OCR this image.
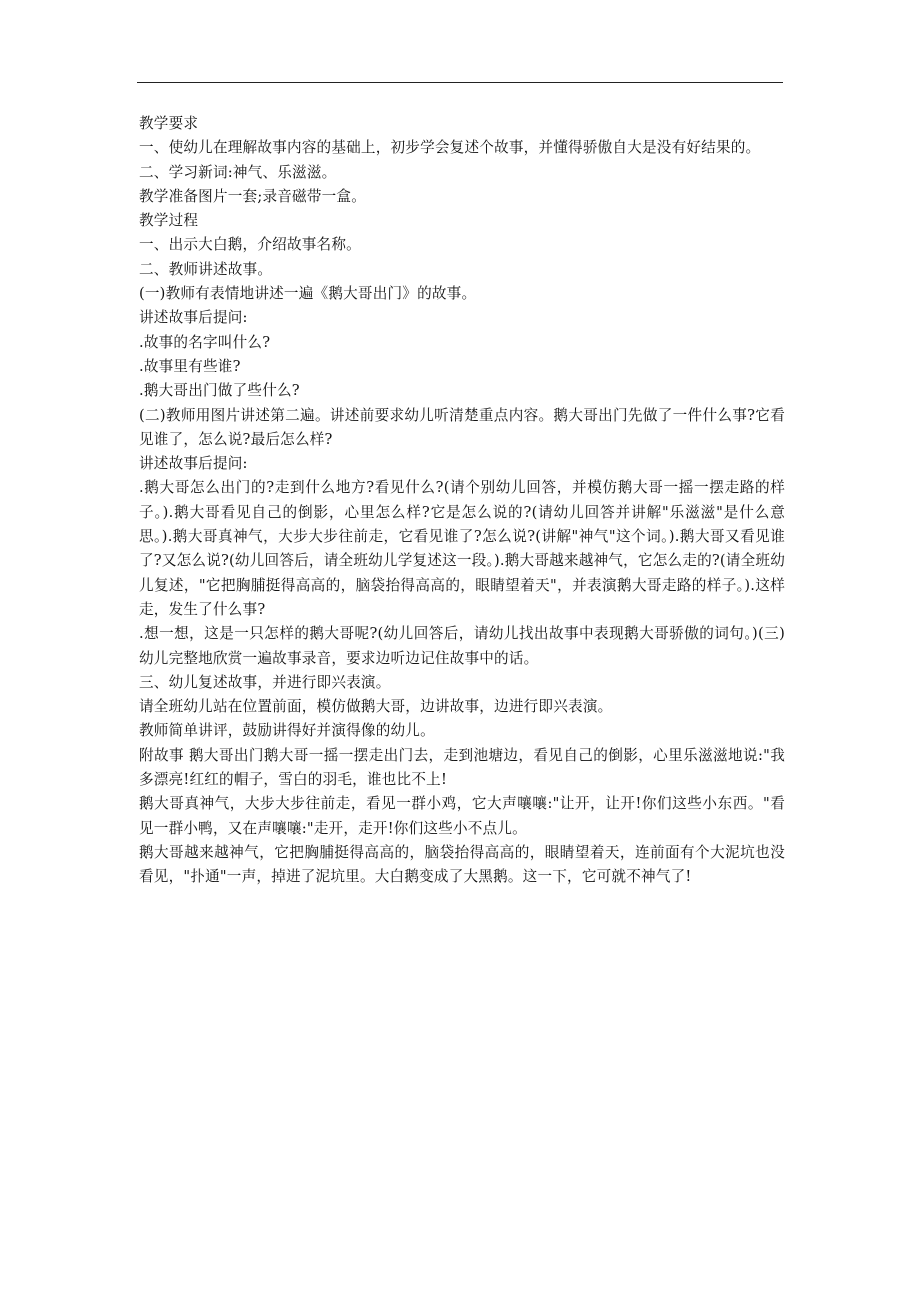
教学要求

一、使幼儿在理解故事内容的基础上，初步学会复述个故事，并懂得骄傲自大是没有好结果的。

二、学习新词:神气、乐滋滋。

教学准备图片一套;录音磁带一盒。

教学过程

一、出示大白鹅，介绍故事名称。

二、教师讲述故事。

(一)教师有表情地讲述一遍《鹅大哥出门》的故事。

讲述故事后提问:

.故事的名字叫什么?

.故事里有些谁?

.鹅大哥出门做了些什么?

(二)教师用图片讲述第二遍。讲述前要求幼儿听清楚重点内容。鹅大哥出门先做了一件什么事?它看见谁了，怎么说?最后怎么样?

讲述故事后提问:

.鹅大哥怎么出门的?走到什么地方?看见什么?(请个别幼儿回答，并模仿鹅大哥一摇一摆走路的样子。).鹅大哥看见自己的倒影，心里怎么样?它是怎么说的?(请幼儿回答并讲解"乐滋滋"是什么意思。).鹅大哥真神气，大步大步往前走，它看见谁了?怎么说?(讲解"神气"这个词。).鹅大哥又看见谁了?又怎么说?(幼儿回答后，请全班幼儿学复述这一段。).鹅大哥越来越神气，它怎么走的?(请全班幼儿复述，"它把胸脯挺得高高的，脑袋抬得高高的，眼睛望着天"，并表演鹅大哥走路的样子。).这样走，发生了什么事?

.想一想，这是一只怎样的鹅大哥呢?(幼儿回答后，请幼儿找出故事中表现鹅大哥骄傲的词句。)(三)幼儿完整地欣赏一遍故事录音，要求边听边记住故事中的话。

三、幼儿复述故事，并进行即兴表演。

请全班幼儿站在位置前面，模仿做鹅大哥，边讲故事，边进行即兴表演。

教师简单讲评，鼓励讲得好并演得像的幼儿。

附故事 鹅大哥出门鹅大哥一摇一摆走出门去，走到池塘边，看见自己的倒影，心里乐滋滋地说:"我多漂亮!红红的帽子，雪白的羽毛，谁也比不上!

鹅大哥真神气，大步大步往前走，看见一群小鸡，它大声嚷嚷:"让开，让开!你们这些小东西。"看见一群小鸭，又在声嚷嚷:"走开，走开!你们这些小不点儿。

鹅大哥越来越神气，它把胸脯挺得高高的，脑袋抬得高高的，眼睛望着天，连前面有个大泥坑也没看见，"扑通"一声，掉进了泥坑里。大白鹅变成了大黑鹅。这一下，它可就不神气了!
